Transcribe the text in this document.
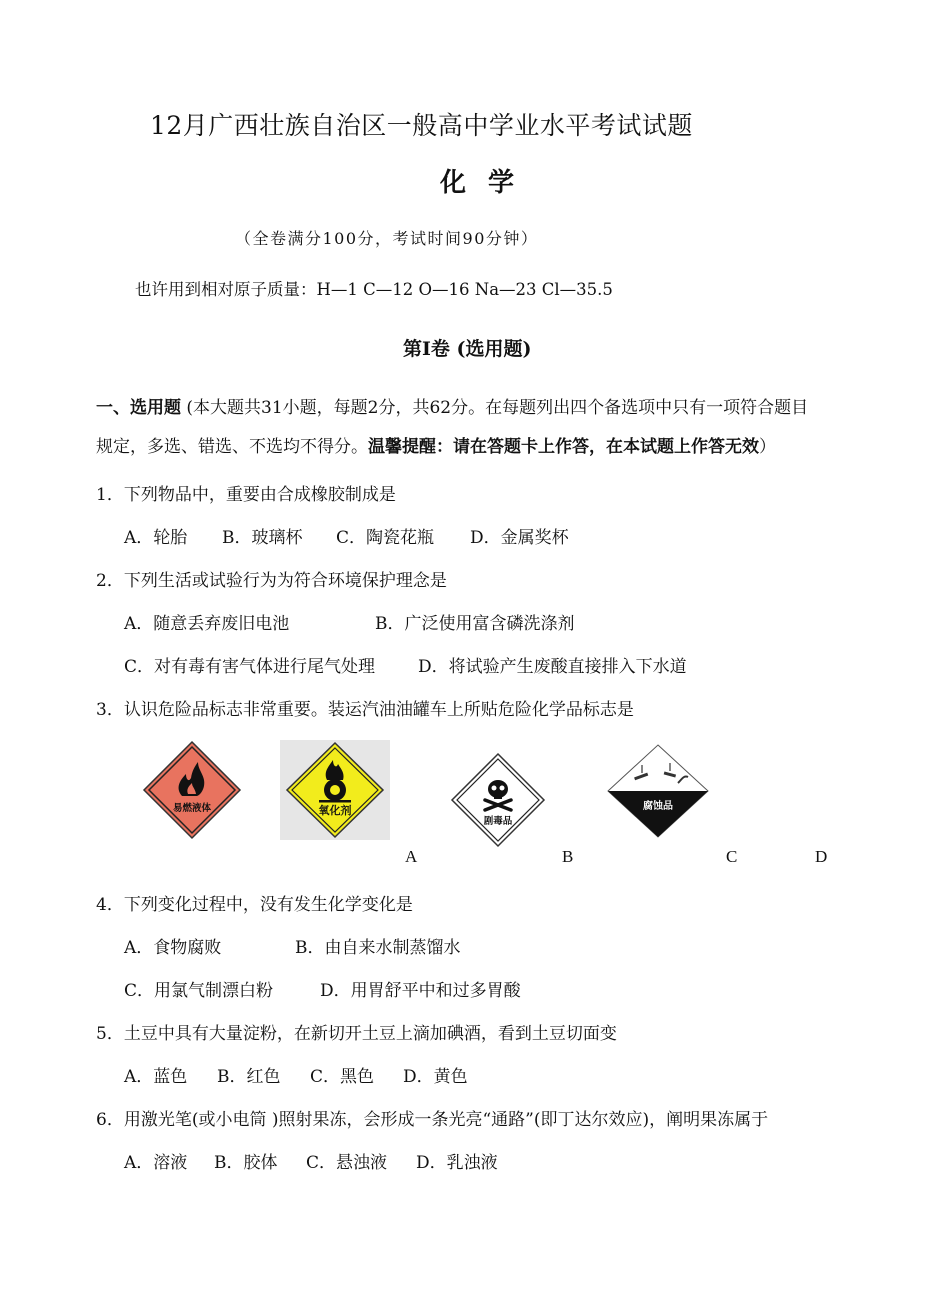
12月广西壮族自治区一般高中学业水平考试试题
化学
（全卷满分100分，考试时间90分钟）
也许用到相对原子质量：H—1 C—12 O—16 Na—23 Cl—35.5
第Ⅰ卷 (选用题)
一、选用题 (本大题共31小题，每题2分，共62分。在每题列出四个备选项中只有一项符合题目
规定，多选、错选、不选均不得分。温馨提醒：请在答题卡上作答，在本试题上作答无效）
1．下列物品中，重要由合成橡胶制成是
A．轮胎 B．玻璃杯 C．陶瓷花瓶 D．金属奖杯
2．下列生活或试验行为为符合环境保护理念是
A．随意丢弃废旧电池	B．广泛使用富含磷洗涤剂
C．对有毒有害气体进行尾气处理	D．将试验产生废酸直接排入下水道
3．认识危险品标志非常重要。装运汽油油罐车上所贴危险化学品标志是
易燃液体	氧化剂
剧毒品
腐蚀品
A	B	C	D
4．下列变化过程中，没有发生化学变化是
A．食物腐败	B．由自来水制蒸馏水
C．用氯气制漂白粉	D．用胃舒平中和过多胃酸
5．土豆中具有大量淀粉，在新切开土豆上滴加碘酒，看到土豆切面变
A．蓝色 B．红色 C．黑色 D．黄色
6．用激光笔(或小电筒 )照射果冻，会形成一条光亮“通路”(即丁达尔效应)，阐明果冻属于
A．溶液 B．胶体 C．悬浊液 D．乳浊液
